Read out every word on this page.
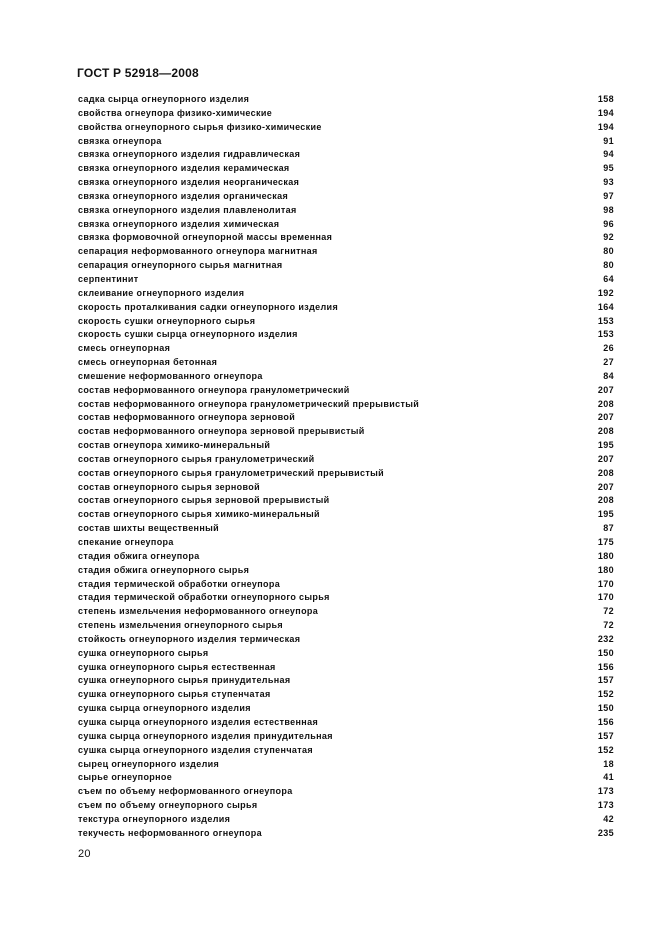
ГОСТ Р 52918—2008
садка сырца огнеупорного изделия	158
свойства огнеупора физико-химические	194
свойства огнеупорного сырья физико-химические	194
связка огнеупора	91
связка огнеупорного изделия гидравлическая	94
связка огнеупорного изделия керамическая	95
связка огнеупорного изделия неорганическая	93
связка огнеупорного изделия органическая	97
связка огнеупорного изделия плавленолитая	98
связка огнеупорного изделия химическая	96
связка формовочной огнеупорной массы временная	92
сепарация неформованного огнеупора магнитная	80
сепарация огнеупорного сырья магнитная	80
серпентинит	64
склеивание огнеупорного изделия	192
скорость проталкивания садки огнеупорного изделия	164
скорость сушки огнеупорного сырья	153
скорость сушки сырца огнеупорного изделия	153
смесь огнеупорная	26
смесь огнеупорная бетонная	27
смешение неформованного огнеупора	84
состав неформованного огнеупора гранулометрический	207
состав неформованного огнеупора гранулометрический прерывистый	208
состав неформованного огнеупора зерновой	207
состав неформованного огнеупора зерновой прерывистый	208
состав огнеупора химико-минеральный	195
состав огнеупорного сырья гранулометрический	207
состав огнеупорного сырья гранулометрический прерывистый	208
состав огнеупорного сырья зерновой	207
состав огнеупорного сырья зерновой прерывистый	208
состав огнеупорного сырья химико-минеральный	195
состав шихты вещественный	87
спекание огнеупора	175
стадия обжига огнеупора	180
стадия обжига огнеупорного сырья	180
стадия термической обработки огнеупора	170
стадия термической обработки огнеупорного сырья	170
степень измельчения неформованного огнеупора	72
степень измельчения огнеупорного сырья	72
стойкость огнеупорного изделия термическая	232
сушка огнеупорного сырья	150
сушка огнеупорного сырья естественная	156
сушка огнеупорного сырья принудительная	157
сушка огнеупорного сырья ступенчатая	152
сушка сырца огнеупорного изделия	150
сушка сырца огнеупорного изделия естественная	156
сушка сырца огнеупорного изделия принудительная	157
сушка сырца огнеупорного изделия ступенчатая	152
сырец огнеупорного изделия	18
сырье огнеупорное	41
съем по объему неформованного огнеупора	173
съем по объему огнеупорного сырья	173
текстура огнеупорного изделия	42
текучесть неформованного огнеупора	235
20
